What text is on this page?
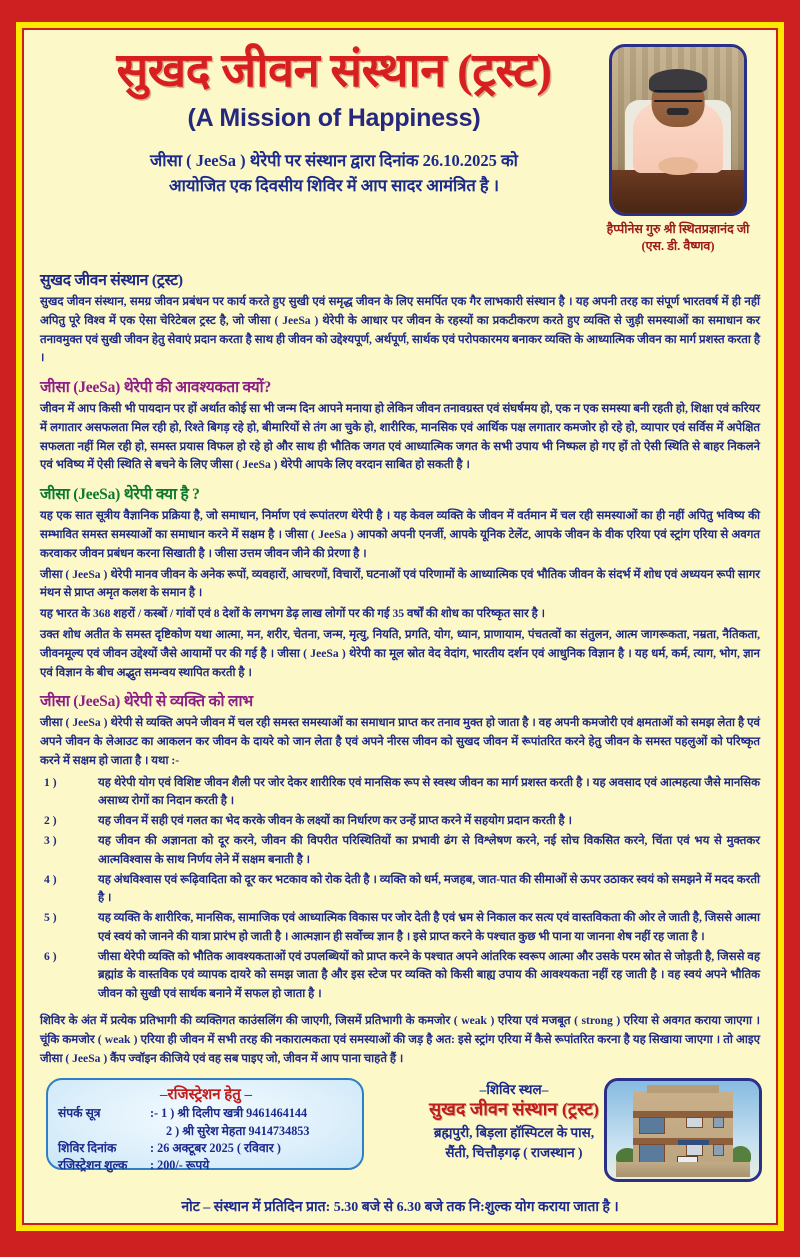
सुखद जीवन संस्थान (ट्रस्ट)
(A Mission of Happiness)
जीसा ( JeeSa ) थेरेपी पर संस्थान द्वारा दिनांक 26.10.2025 को
आयोजित एक दिवसीय शिविर में आप सादर आमंत्रित है ।
हैप्पीनेस गुरु श्री स्थितप्रज्ञानंद जी
(एस. डी. वैष्णव)
सुखद जीवन संस्थान (ट्रस्ट)
सुखद जीवन संस्थान, समग्र जीवन प्रबंधन पर कार्य करते हुए सुखी एवं समृद्ध जीवन के लिए समर्पित एक गैर लाभकारी संस्थान है । यह अपनी तरह का संपूर्ण भारतवर्ष में ही नहीं अपितु पूरे विश्व में एक ऐसा चेरिटेबल ट्रस्ट है, जो जीसा ( JeeSa ) थेरेपी के आधार पर जीवन के रहस्यों का प्रकटीकरण करते हुए व्यक्ति से जुड़ी समस्याओं का समाधान कर तनावमुक्त एवं सुखी जीवन हेतु सेवाएं प्रदान करता है साथ ही जीवन को उद्देश्यपूर्ण, अर्थपूर्ण, सार्थक एवं परोपकारमय बनाकर व्यक्ति के आध्यात्मिक जीवन का मार्ग प्रशस्त करता है ।
जीसा (JeeSa) थेरेपी की आवश्यकता क्यों?
जीवन में आप किसी भी पायदान पर हों अर्थात कोई सा भी जन्म दिन आपने मनाया हो लेकिन जीवन तनावग्रस्त एवं संघर्षमय हो, एक न एक समस्या बनी रहती हो, शिक्षा एवं करियर में लगातार असफलता मिल रही हो, रिश्ते बिगड़ रहे हो, बीमारियों से तंग आ चुके हो, शारीरिक, मानसिक एवं आर्थिक पक्ष लगातार कमजोर हो रहे हो, व्यापार एवं सर्विस में अपेक्षित सफलता नहीं मिल रही हो, समस्त प्रयास विफल हो रहे हो और साथ ही भौतिक जगत एवं आध्यात्मिक जगत के सभी उपाय भी निष्फल हो गए हों तो ऐसी स्थिति से बाहर निकलने एवं भविष्य में ऐसी स्थिति से बचने के लिए जीसा ( JeeSa ) थेरेपी आपके लिए वरदान साबित हो सकती है ।
जीसा (JeeSa) थेरेपी क्या है ?
यह एक सात सूत्रीय वैज्ञानिक प्रक्रिया है, जो समाधान, निर्माण एवं रूपांतरण थेरेपी है । यह केवल व्यक्ति के जीवन में वर्तमान में चल रही समस्याओं का ही नहीं अपितु भविष्य की सम्भावित समस्त समस्याओं का समाधान करने में सक्षम है । जीसा ( JeeSa ) आपको अपनी एनर्जी, आपके यूनिक टेलेंट, आपके जीवन के वीक एरिया एवं स्ट्रांग एरिया से अवगत करवाकर जीवन प्रबंधन करना सिखाती है । जीसा उत्तम जीवन जीने की प्रेरणा है ।
जीसा ( JeeSa ) थेरेपी मानव जीवन के अनेक रूपों, व्यवहारों, आचरणों, विचारों, घटनाओं एवं परिणामों के आध्यात्मिक एवं भौतिक जीवन के संदर्भ में शोध एवं अध्ययन रूपी सागर मंथन से प्राप्त अमृत कलश के समान है ।
यह भारत के 368 शहरों / कस्बों / गांवों एवं 8 देशों के लगभग डेढ़ लाख लोगों पर की गई 35 वर्षों की शोध का परिष्कृत सार है ।
उक्त शोध अतीत के समस्त दृष्टिकोण यथा आत्मा, मन, शरीर, चेतना, जन्म, मृत्यु, नियति, प्रगति, योग, ध्यान, प्राणायाम, पंचतत्वों का संतुलन, आत्म जागरूकता, नम्रता, नैतिकता, जीवनमूल्य एवं जीवन उद्देश्यों जैसे आयामों पर की गई है । जीसा ( JeeSa ) थेरेपी का मूल स्रोत वेद वेदांग, भारतीय दर्शन एवं आधुनिक विज्ञान है । यह धर्म, कर्म, त्याग, भोग, ज्ञान एवं विज्ञान के बीच अद्भुत समन्वय स्थापित करती है ।
जीसा (JeeSa) थेरेपी से व्यक्ति को लाभ
जीसा ( JeeSa ) थेरेपी से व्यक्ति अपने जीवन में चल रही समस्त समस्याओं का समाधान प्राप्त कर तनाव मुक्त हो जाता है । वह अपनी कमजोरी एवं क्षमताओं को समझ लेता है एवं अपने जीवन के लेआउट का आकलन कर जीवन के दायरे को जान लेता है एवं अपने नीरस जीवन को सुखद जीवन में रूपांतरित करने हेतु जीवन के समस्त पहलुओं को परिष्कृत करने में सक्षम हो जाता है । यथा :-
1 )	यह थेरेपी योग एवं विशिष्ट जीवन शैली पर जोर देकर शारीरिक एवं मानसिक रूप से स्वस्थ जीवन का मार्ग प्रशस्त करती है । यह अवसाद एवं आत्महत्या जैसे मानसिक असाध्य रोगों का निदान करती है ।
2 )	यह जीवन में सही एवं गलत का भेद करके जीवन के लक्ष्यों का निर्धारण कर उन्हें प्राप्त करने में सहयोग प्रदान करती है ।
3 )	यह जीवन की अज्ञानता को दूर करने, जीवन की विपरीत परिस्थितियों का प्रभावी ढंग से विश्लेषण करने, नई सोच विकसित करने, चिंता एवं भय से मुक्तकर आत्मविश्वास के साथ निर्णय लेने में सक्षम बनाती है ।
4 )	यह अंधविश्वास एवं रूढ़िवादिता को दूर कर भटकाव को रोक देती है । व्यक्ति को धर्म, मजहब, जात-पात की सीमाओं से ऊपर उठाकर स्वयं को समझने में मदद करती है ।
5 )	यह व्यक्ति के शारीरिक, मानसिक, सामाजिक एवं आध्यात्मिक विकास पर जोर देती है एवं भ्रम से निकाल कर सत्य एवं वास्तविकता की ओर ले जाती है, जिससे आत्मा एवं स्वयं को जानने की यात्रा प्रारंभ हो जाती है । आत्मज्ञान ही सर्वोच्च ज्ञान है । इसे प्राप्त करने के पश्चात कुछ भी पाना या जानना शेष नहीं रह जाता है ।
6 )	जीसा थेरेपी व्यक्ति को भौतिक आवश्यकताओं एवं उपलब्धियों को प्राप्त करने के पश्चात अपने आंतरिक स्वरूप आत्मा और उसके परम स्रोत से जोड़ती है, जिससे वह ब्रह्मांड के वास्तविक एवं व्यापक दायरे को समझ जाता है और इस स्टेज पर व्यक्ति को किसी बाह्य उपाय की आवश्यकता नहीं रह जाती है । वह स्वयं अपने भौतिक जीवन को सुखी एवं सार्थक बनाने में सफल हो जाता है ।
शिविर के अंत में प्रत्येक प्रतिभागी की व्यक्तिगत काउंसलिंग की जाएगी, जिसमें प्रतिभागी के कमजोर ( weak ) एरिया एवं मजबूत ( strong ) एरिया से अवगत कराया जाएगा । चूंकि कमजोर ( weak ) एरिया ही जीवन में सभी तरह की नकारात्मकता एवं समस्याओं की जड़ है अत: इसे स्ट्रांग एरिया में कैसे रूपांतरित करना है यह सिखाया जाएगा । तो आइए जीसा ( JeeSa ) कैंप ज्वॉइन कीजिये एवं वह सब पाइए जो, जीवन में आप पाना चाहते हैं ।
–रजिस्ट्रेशन हेतु –
संपर्क सूत्र	:- 1 ) श्री दिलीप खत्री 9461464144
2 ) श्री सुरेश मेहता 9414734853
शिविर दिनांक	: 26 अक्टूबर 2025 ( रविवार )
रजिस्ट्रेशन शुल्क	: 200/- रूपये
–शिविर स्थल–
सुखद जीवन संस्थान (ट्रस्ट)
ब्रह्मपुरी, बिड़ला हॉस्पिटल के पास,
सैंती, चित्तौड़गढ़ ( राजस्थान )
नोट – संस्थान में प्रतिदिन प्रात: 5.30 बजे से 6.30 बजे तक नि:शुल्क योग कराया जाता है ।
